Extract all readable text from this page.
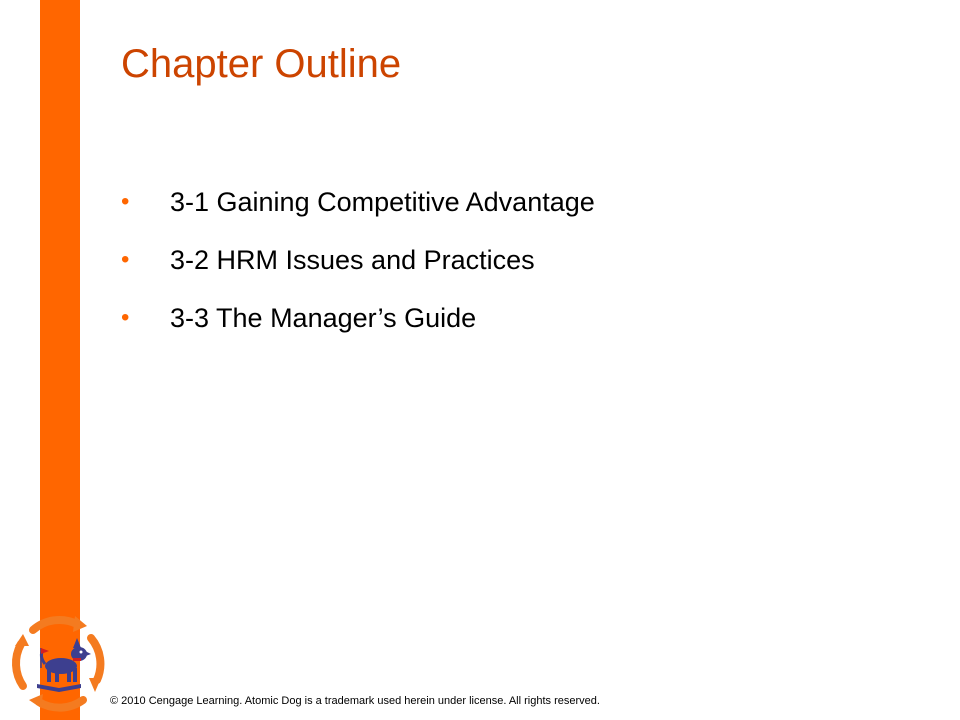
Chapter Outline
• 3-1 Gaining Competitive Advantage
• 3-2 HRM Issues and Practices
• 3-3 The Manager’s Guide

© 2010 Cengage Learning. Atomic Dog is a trademark used herein under license. All rights reserved.
